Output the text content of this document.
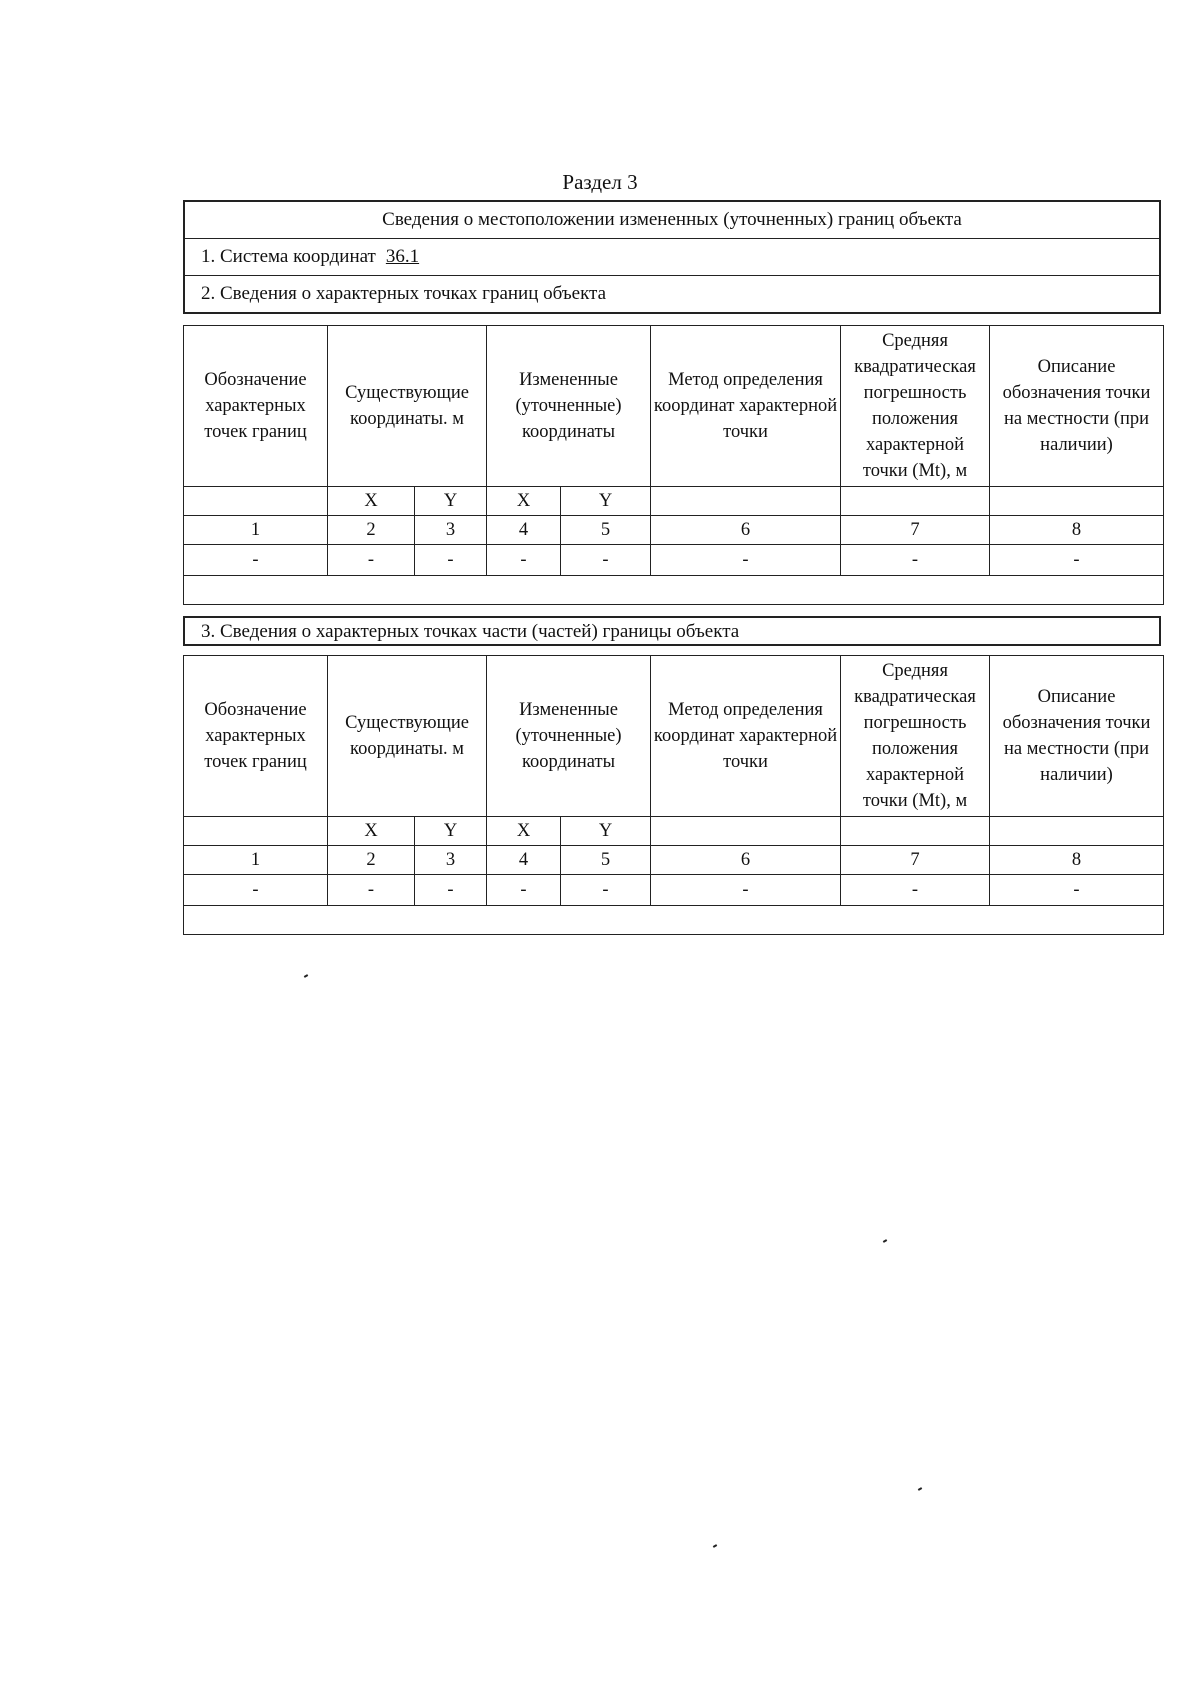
Раздел 3
Сведения о местоположении измененных (уточненных) границ объекта
1. Система координат 36.1
2. Сведения о характерных точках границ объекта
Обозначение характерных точек границ	Существующие координаты. м		Измененные (уточненные) координаты		Метод определения координат характерной точки	Средняя квадратическая погрешность положения характерной точки (Mt), м	Описание обозначения точки на местности (при наличии)
	X	Y	X	Y			
1	2	3	4	5	6	7	8
-	-	-	-	-	-	-	-

3. Сведения о характерных точках части (частей) границы объекта
Обозначение характерных точек границ	Существующие координаты. м		Измененные (уточненные) координаты		Метод определения координат характерной точки	Средняя квадратическая погрешность положения характерной точки (Mt), м	Описание обозначения точки на местности (при наличии)
	X	Y	X	Y			
1	2	3	4	5	6	7	8
-	-	-	-	-	-	-	-
